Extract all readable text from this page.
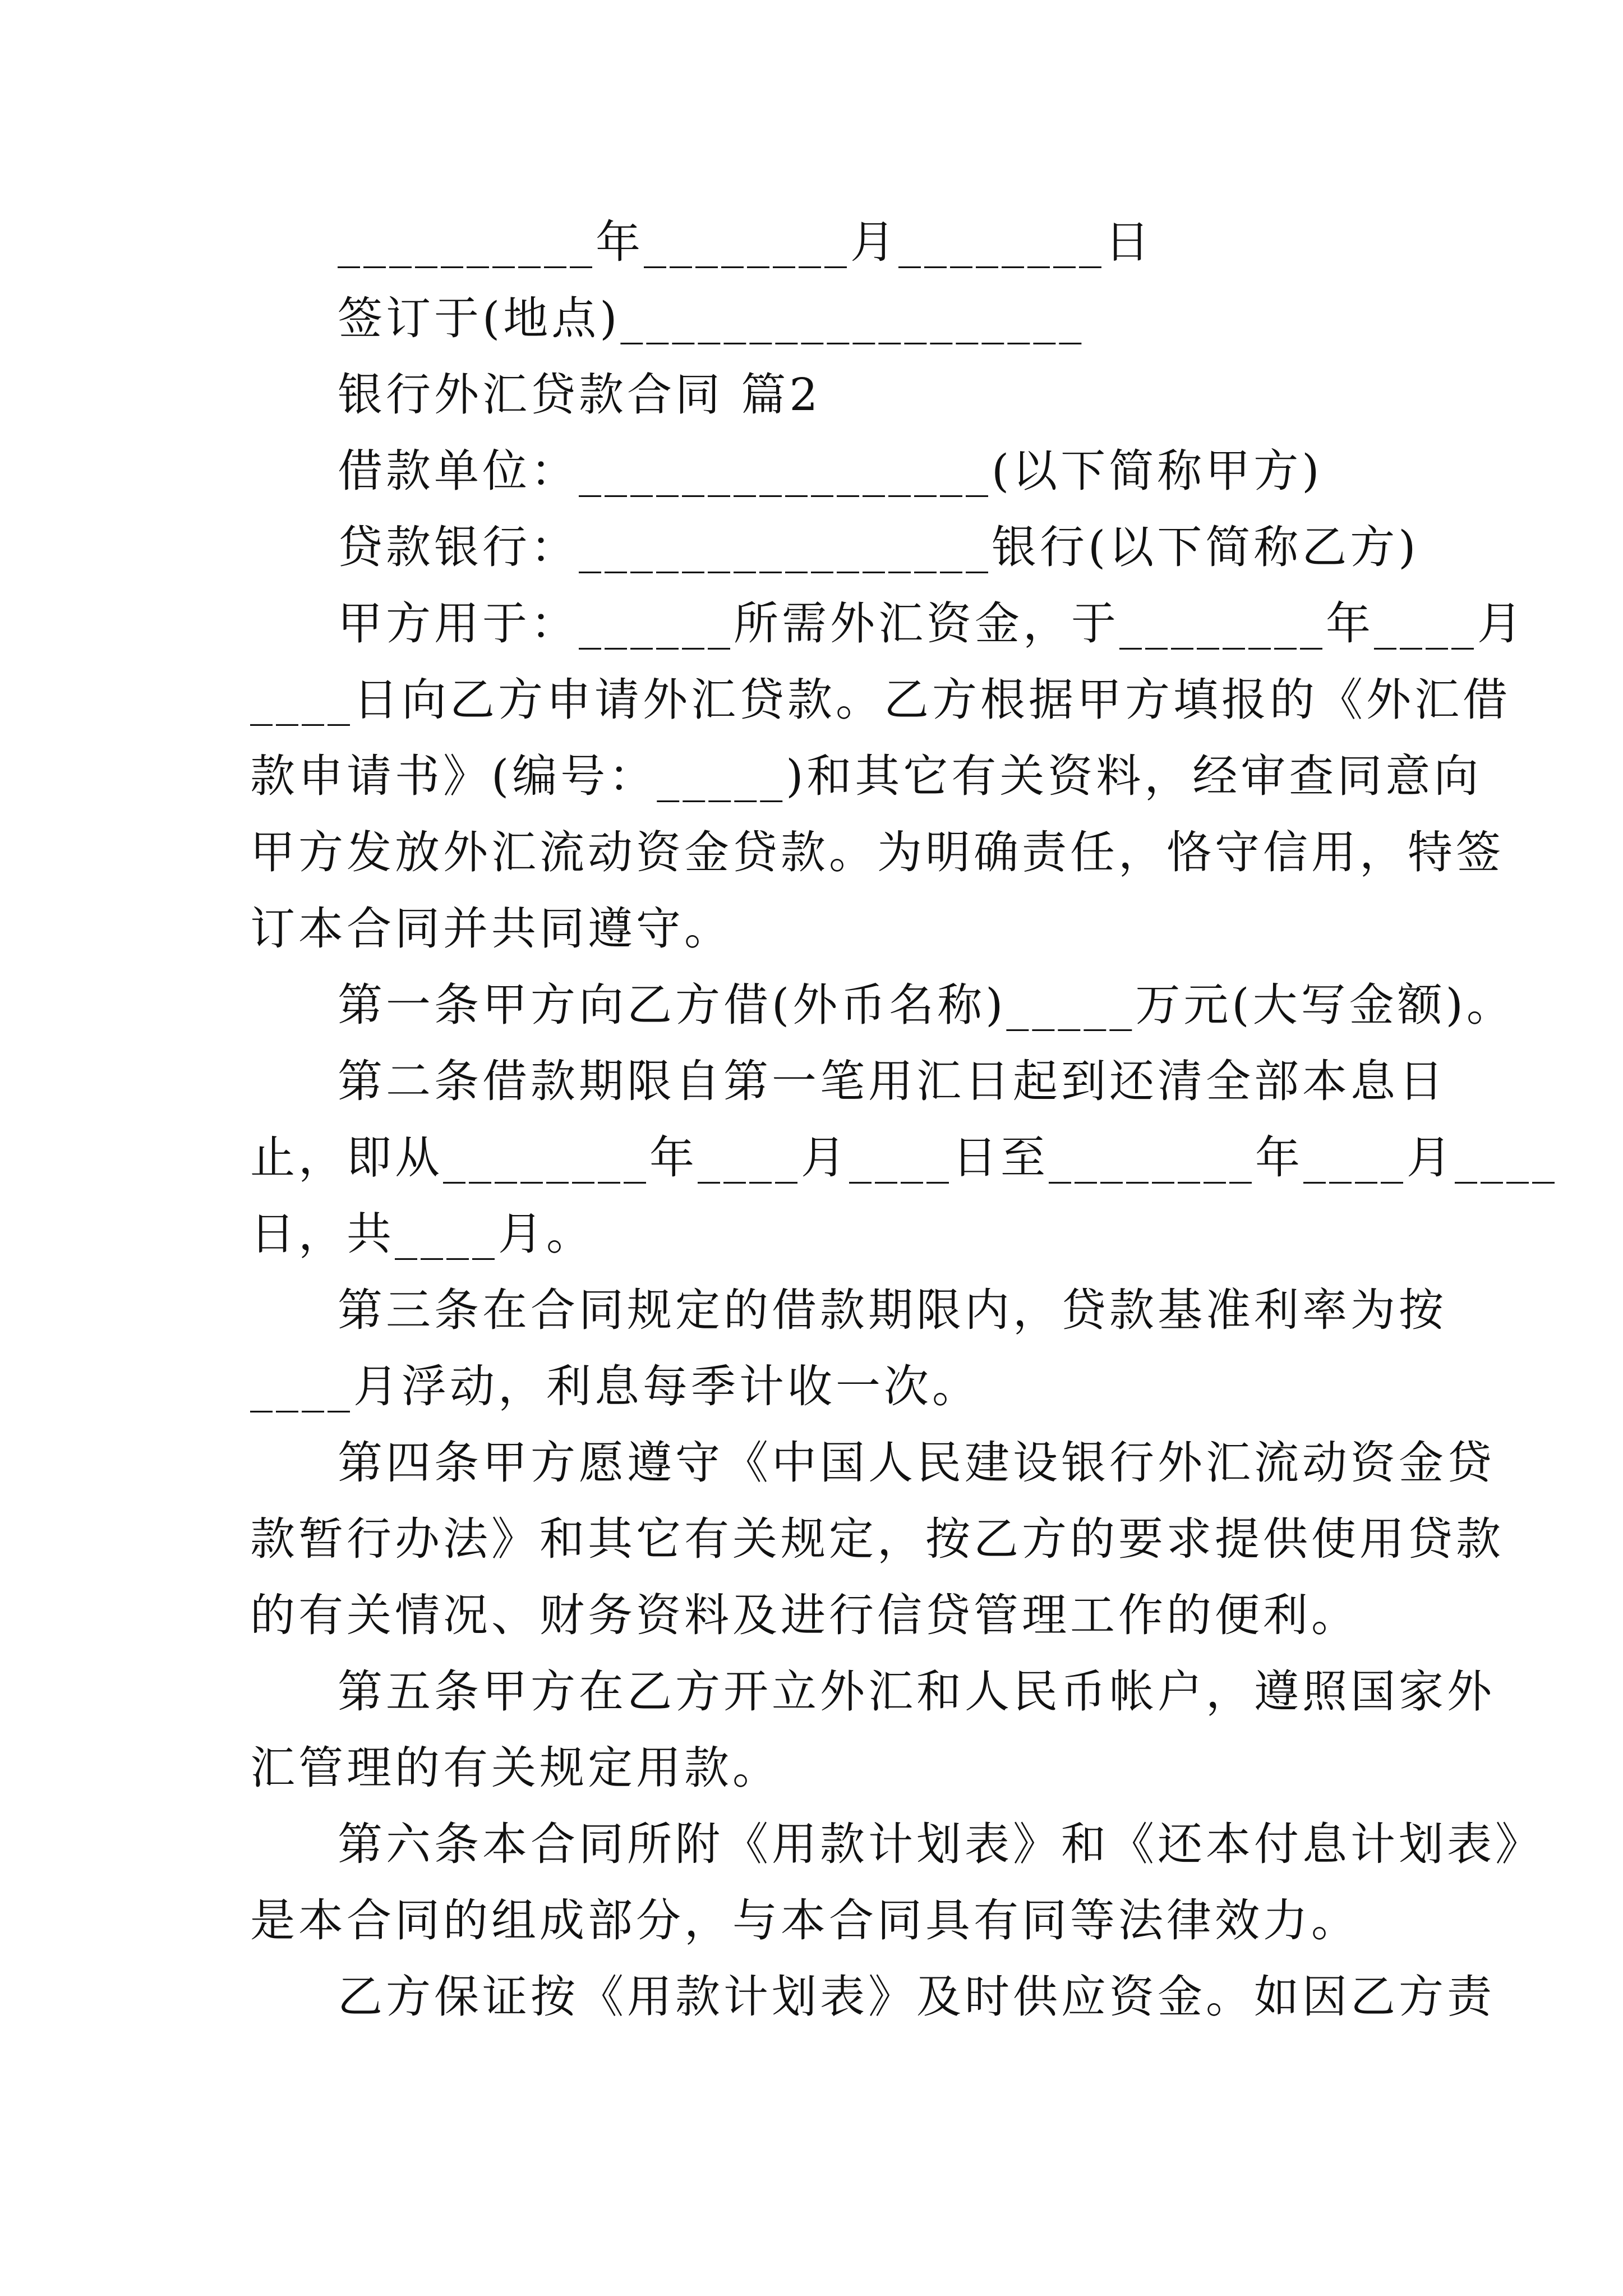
__________年________月________日
签订于(地点)__________________
银行外汇贷款合同 篇2
借款单位：________________(以下简称甲方)
贷款银行：________________银行(以下简称乙方)
甲方用于：______所需外汇资金，于________年____月
____日向乙方申请外汇贷款。乙方根据甲方填报的《外汇借
款申请书》(编号：_____)和其它有关资料，经审查同意向
甲方发放外汇流动资金贷款。为明确责任，恪守信用，特签
订本合同并共同遵守。
第一条甲方向乙方借(外币名称)_____万元(大写金额)。
第二条借款期限自第一笔用汇日起到还清全部本息日
止，即从________年____月____日至________年____月____
日，共____月。
第三条在合同规定的借款期限内，贷款基准利率为按
____月浮动，利息每季计收一次。
第四条甲方愿遵守《中国人民建设银行外汇流动资金贷
款暂行办法》和其它有关规定，按乙方的要求提供使用贷款
的有关情况、财务资料及进行信贷管理工作的便利。
第五条甲方在乙方开立外汇和人民币帐户，遵照国家外
汇管理的有关规定用款。
第六条本合同所附《用款计划表》和《还本付息计划表》
是本合同的组成部分，与本合同具有同等法律效力。
乙方保证按《用款计划表》及时供应资金。如因乙方责
